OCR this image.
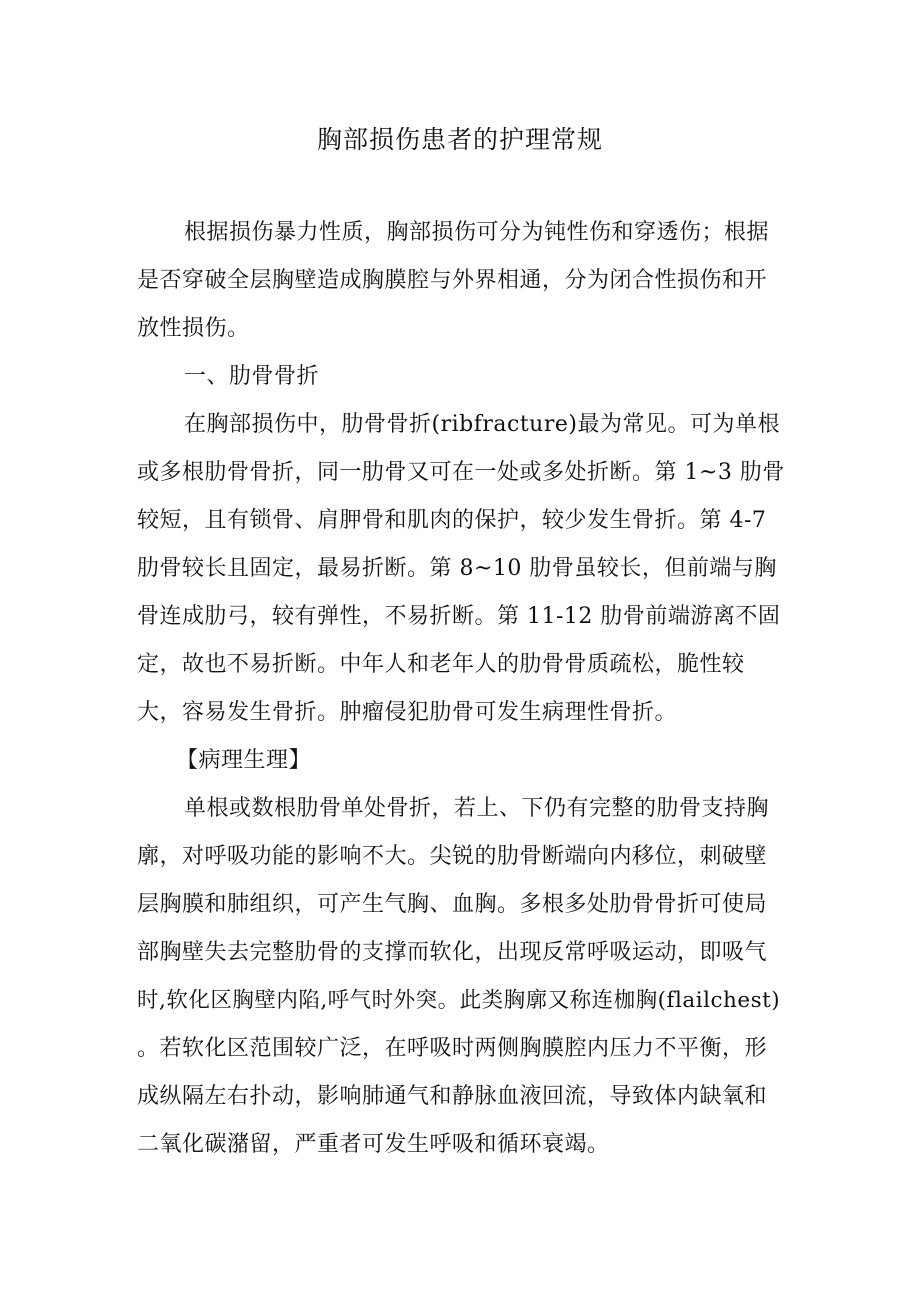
胸部损伤患者的护理常规
根据损伤暴力性质，胸部损伤可分为钝性伤和穿透伤；根据
是否穿破全层胸壁造成胸膜腔与外界相通，分为闭合性损伤和开
放性损伤。
一、肋骨骨折
在胸部损伤中，肋骨骨折(ribfracture)最为常见。可为单根
或多根肋骨骨折，同一肋骨又可在一处或多处折断。第 1~3 肋骨
较短，且有锁骨、肩胛骨和肌肉的保护，较少发生骨折。第 4-7
肋骨较长且固定，最易折断。第 8~10 肋骨虽较长，但前端与胸
骨连成肋弓，较有弹性，不易折断。第 11-12 肋骨前端游离不固
定，故也不易折断。中年人和老年人的肋骨骨质疏松，脆性较
大，容易发生骨折。肿瘤侵犯肋骨可发生病理性骨折。
【病理生理】
单根或数根肋骨单处骨折，若上、下仍有完整的肋骨支持胸
廓，对呼吸功能的影响不大。尖锐的肋骨断端向内移位，刺破壁
层胸膜和肺组织，可产生气胸、血胸。多根多处肋骨骨折可使局
部胸壁失去完整肋骨的支撑而软化，出现反常呼吸运动，即吸气
时,软化区胸壁内陷,呼气时外突。此类胸廓又称连枷胸(flailchest)
。若软化区范围较广泛，在呼吸时两侧胸膜腔内压力不平衡，形
成纵隔左右扑动，影响肺通气和静脉血液回流，导致体内缺氧和
二氧化碳潴留，严重者可发生呼吸和循环衰竭。
